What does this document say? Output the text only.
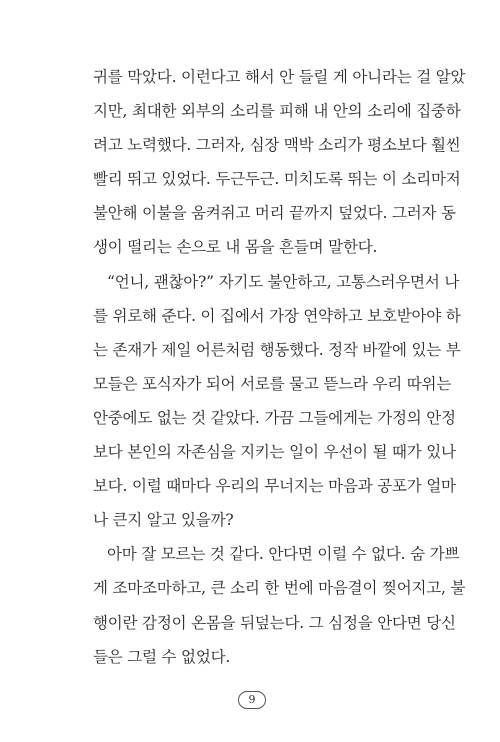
귀를 막았다. 이런다고 해서 안 들릴 게 아니라는 걸 알았
지만, 최대한 외부의 소리를 피해 내 안의 소리에 집중하
려고 노력했다. 그러자, 심장 맥박 소리가 평소보다 훨씬
빨리 뛰고 있었다. 두근두근. 미치도록 뛰는 이 소리마저
불안해 이불을 움켜쥐고 머리 끝까지 덮었다. 그러자 동
생이 떨리는 손으로 내 몸을 흔들며 말한다.
“언니, 괜찮아?” 자기도 불안하고, 고통스러우면서 나
를 위로해 준다. 이 집에서 가장 연약하고 보호받아야 하
는 존재가 제일 어른처럼 행동했다. 정작 바깥에 있는 부
모들은 포식자가 되어 서로를 물고 뜯느라 우리 따위는
안중에도 없는 것 같았다. 가끔 그들에게는 가정의 안정
보다 본인의 자존심을 지키는 일이 우선이 될 때가 있나
보다. 이럴 때마다 우리의 무너지는 마음과 공포가 얼마
나 큰지 알고 있을까?
아마 잘 모르는 것 같다. 안다면 이럴 수 없다. 숨 가쁘
게 조마조마하고, 큰 소리 한 번에 마음결이 찢어지고, 불
행이란 감정이 온몸을 뒤덮는다. 그 심정을 안다면 당신
들은 그럴 수 없었다.
9
